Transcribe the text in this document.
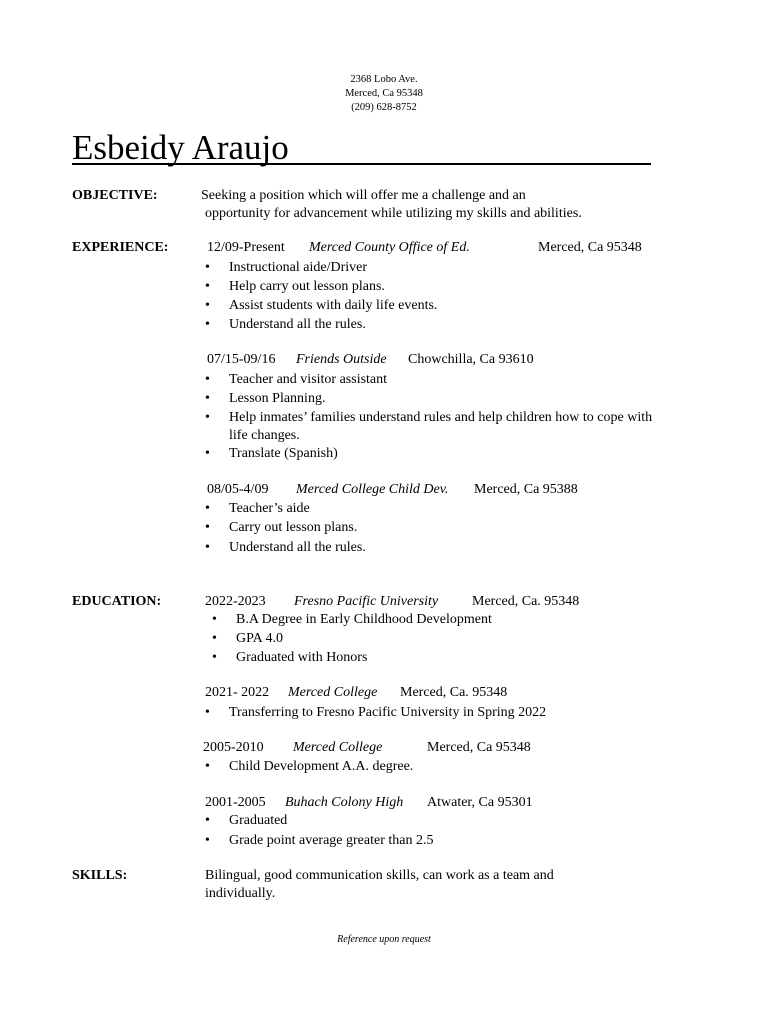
2368 Lobo Ave.
Merced, Ca 95348
(209) 628-8752
Esbeidy Araujo
OBJECTIVE:	Seeking a position which will offer me a challenge and an
opportunity for advancement while utilizing my skills and abilities.
EXPERIENCE:	12/09-Present Merced County Office of Ed.	Merced, Ca 95348
• Instructional aide/Driver
• Help carry out lesson plans.
• Assist students with daily life events.
• Understand all the rules.
07/15-09/16 Friends Outside Chowchilla, Ca 93610
• Teacher and visitor assistant
• Lesson Planning.
• Help inmates’ families understand rules and help children how to cope with
life changes.
• Translate (Spanish)
08/05-4/09 Merced College Child Dev. Merced, Ca 95388
• Teacher’s aide
• Carry out lesson plans.
• Understand all the rules.
EDUCATION:	2022-2023 Fresno Pacific University Merced, Ca. 95348
• B.A Degree in Early Childhood Development
• GPA 4.0
• Graduated with Honors
2021- 2022 Merced College Merced, Ca. 95348
• Transferring to Fresno Pacific University in Spring 2022
2005-2010 Merced College	Merced, Ca 95348
• Child Development A.A. degree.
2001-2005 Buhach Colony High Atwater, Ca 95301
• Graduated
• Grade point average greater than 2.5
SKILLS:	Bilingual, good communication skills, can work as a team and
individually.
Reference upon request
